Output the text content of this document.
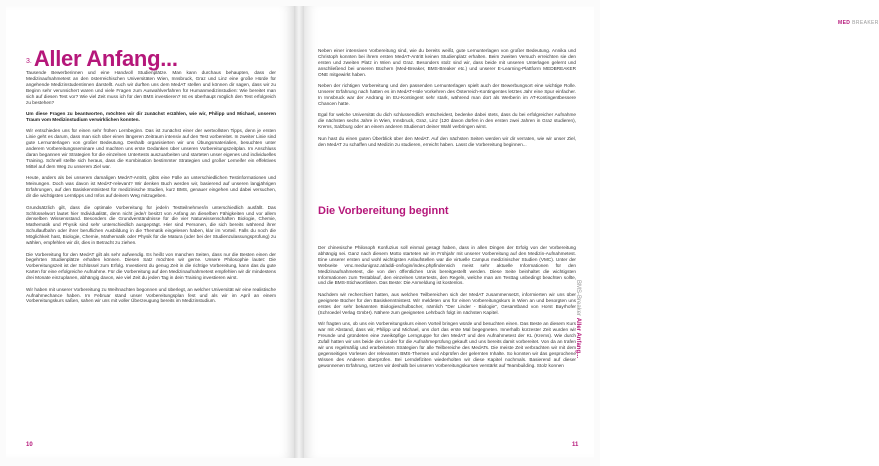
3.Aller Anfang...
10
MED BREAKER
11

Tausende Bewerberinnen und eine Handvoll Studienplätze. Man kann durchaus behaupten, dass der Medizinaufnahmetest an den österreichischen Universitäten Wien, Innsbruck, Graz und Linz eine große Hürde für angehende Medizinstudentinnen darstellt. Auch wir durften uns dem MedAT stellen und können dir sagen, dass wir zu Beginn sehr verunsichert waren und viele Fragen zum Auswahlverfahren für Humanmedizinstudien: Wie bereitet man sich auf diesen Test vor? Wie viel Zeit muss ich für den BMS investieren? Ist es überhaupt möglich den Test erfolgreich zu bestehen?

Um diese Fragen zu beantworten, möchten wir dir zunächst erzählen, wie wir, Philipp und Michael, unseren Traum vom Medizinstudium verwirklichen konnten.

Wir entschieden uns für einen sehr frühen Lernbeginn. Das ist zunächst einer der wertvollsten Tipps, denn je ersten Linie geht es darum, dass man sich über einen längeren Zeitraum intensiv auf den Test vorbereitet. In zweiter Linie sind gute Lernunterlagen von großer Bedeutung. Deshalb organisierten wir uns Übungsmaterialien, besuchten unter anderem Vorbereitungsseminare und machten uns erste Gedanken über unseren Vorbereitungszeitplan. Im Anschluss daran begannen wir Strategien für die einzelnen Untertests auszuarbeiten und starteten unser eigenes und individuelles Training. Schnell stellte sich heraus, dass die Kombination bestimmter Strategien und großer Lerneifer ein effektives Mittel auf dem Weg zu unserem Ziel war.

Heute, anders als bei unserem damaligen MedAT-Antritt, gibts eine Fülle an unterschiedlichen Testinformationen und Meinungen. Doch was davon ist MedAT-relevant? Wir denken Buch werden wir, basierend auf unseren langjährigen Erfahrungen, auf den Basiskenntnistest für medizinische Studien, kurz BMS, genauer eingehen und dabei versuchen, dir die wichtigsten Lerntipps und Infos auf deinem Weg mitzugeben.

Grundsätzlich gilt, dass die optimale Vorbereitung für jede/n Testteilnehmer/in unterschiedlich ausfällt. Das Schlüsselwort lautet hier Individualität, denn nicht jede/r besitzt von Anfang an dieselben Fähigkeiten und vor allem denselben Wissensstand. Besonders die Grundverständnisse für die vier Naturwissenschaften Biologie, Chemie, Mathematik und Physik sind sehr unterschiedlich ausgeprägt. Hier sind Personen, die sich bereits während ihrer Schullaufbahn oder ihrer beruflichen Ausbildung in die Thematik eingelesen haben, klar im Vorteil. Falls du noch die Möglichkeit hast, Biologie, Chemie, Mathematik oder Physik für die Matura (oder bei der Studienzulassungsprüfung) zu wählen, empfehlen wir dir, dies in Betracht zu ziehen.

Die Vorbereitung für den MedAT gilt als sehr aufwendig. Es heißt von manchen Seiten, dass nur die Besten einen der begehrten Studienplätze erhalten können. Diesen Satz möchten wir gerne. Unsere Philosophie lautet: Die Vorbereitungszeit ist der Schlüssel zum Erfolg. Investierst du genug Zeit in die richtige Vorbereitung, kann das du gute Karten für eine erfolgreiche Aufnahme. Für die Vorbereitung auf den Medizinaufnahmetest empfehlen wir dir mindestens drei Monate einzuplanen, abhängig davon, wie viel Zeit du jeden Tag in dein Training investieren wirst.

Wir haben mit unserer Vorbereitung zu Weihnachten begonnen und überlegt, an welcher Universität wir eine realistische Aufnahmechance haben. Im Februar stand unser Vorbereitungsplan fest und als wir im April an einem Vorbereitungskurs saßen, sahen wir uns mit voller Überzeugung bereits im Medizinstudium.

Neben einer intensiven Vorbereitung sind, wie du bereits weißt, gute Lernunterlagen von großer Bedeutung. Annika und Christoph konnten bei ihrem ersten MedAT-Antritt keinen Studienplatz erhalten. Beim zweiten Versuch erreichten sie den ersten und zweiten Platz in Wien und Graz. Besonders stolz sind wir, dass beide mit unseren Unterlagen gelernt und anschließend bei unseren Büchern (Med-Breaker, BMS-Breaker etc.) und unserer E-Learning-Plattform MEDBREAKER ONE mitgewirkt haben.

Neben der richtigen Vorbereitung und den passenden Lernunterlagen spielt auch der Bewerbungsort eine wichtige Rolle. Unserer Erfahrung nach hatten es im MedAT-Hüle Vorkehren des Österreich-Kontingentes letztes Jahr eine Spur einfacher. In Innsbruck war der Andrang im EU-Kontingent sehr stark, während man dort als Werberin im AT-Kontingentbessere Chancen hatte.

Egal für welche Universität du dich schlussendlich entscheidest, bedenke dabei stets, dass du bei erfolgreicher Aufnahme die nächsten sechs Jahre in Wien, Innsbruck, Graz, Linz (120 davon dürfen in den ersten zwei Jahren in Graz studieren), Krems, Salzburg oder an einem anderen Studienort deiner Wahl verbringen wirst.

Nun hast du einen guten Überblick über den MedAT. Auf den nächsten Seiten werden wir dir verraten, wie wir unser Ziel, den MedAT zu schaffen und Medizin zu studieren, erreicht haben. Lasst die Vorbereitung beginnen...

Die Vorbereitung beginnt

Der chinesische Philosoph Konfuzius soll einmal gesagt haben, dass in allen Dingen der Erfolg von der Vorbereitung abhängig sei. Ganz nach diesem Motto starteten wir im Frühjahr mit unserer Vorbereitung auf den Medizin-Aufnahmetest. Eine unserer ersten und wohl wichtigsten Anlaufstellen war die virtuelle Campus medizinischer Studien (VMC). Unter der Webseite vmc.medunigraz.at/addi-on/login/index.phpfindensich meist sehr aktuelle Informationen für den Medizinaufnahmetest, die von den öffentlichen Unis bereitgestellt werden. Diese Seite beinhaltet die wichtigsten Informationen zum Testablauf, den einzelnen Untertests, den Regeln, welche man am Testtag unbedingt beachten sollte, und die BMS-Stichwortlisten. Das Beste: Die Anmeldung ist kostenlos.

Nachdem wir recherchiert hatten, aus welchen Teilbereichen sich der MedAT zusammensetzt, informierten wir uns über geeignete Bücher für den Basiskenntnistest. Wir meldeten uns für einen Vorbereitungskurs in Wien an und besorgten uns erstes der sehr bekannten Biologieschulbücher, nämlich "Der Linder - Biologie", Gesamtband von Horst Bayrhofer (Schroedel Verlag GmbH). Nähere zum geeigneten Lehrbuch folgt im nächsten Kapitel.

Wir fragten uns, ob uns ein Vorbereitungskurs einen Vorteil bringen würde und besuchten einen. Das Beste an diesem Kurs war mit Abstand, dass wir, Philipp und Michael, uns dort das erste Mal begegneten. Innerhalb kürzester Zeit wurden wir Freunde und gründeten eine zweiköpfige Lerngruppe für den MedAT und den Aufnahmetest der KL (Krems). Wie durch Zufall hatten wir uns beide den Linder für die Aufnahmeprüfung gekauft und uns bereits damit vorbereitet. Von da an trafen wir uns regelmäßig und erarbeiteten Strategien für alle Teilbereiche des MedATs. Die meiste Zeit verbrachten wir mit dem gegenseitigen Vorlesen der relevanten BMS-Themen und Abprüfen der gelernten Inhalte. So konnten wir das gesprochene Wissen des Anderen überprüfen. Bei Lerndefiziten wiederholten wir diese Kapitel nochmals. Basierend auf dieser gewonnenen Erfahrung, setzen wir deshalb bei unseren Vorbereitungskursen verstärkt auf Teambuilding. Stolz konnen

BMS-Breaker Aller Anfang...
